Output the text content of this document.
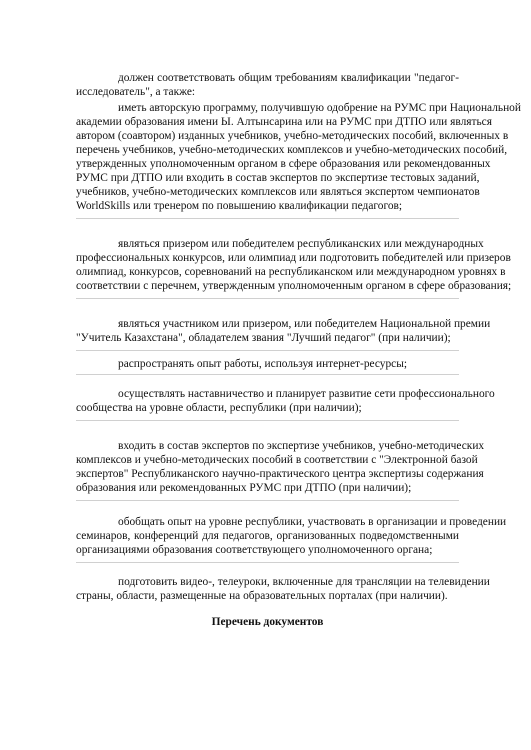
должен соответствовать общим требованиям квалификации "педагог-
исследователь", а также:
иметь авторскую программу, получившую одобрение на РУМС при Национальной
академии образования имени Ы. Алтынсарина или на РУМС при ДТПО или являться
автором (соавтором) изданных учебников, учебно-методических пособий, включенных в
перечень учебников, учебно-методических комплексов и учебно-методических пособий,
утвержденных уполномоченным органом в сфере образования или рекомендованных
РУМС при ДТПО или входить в состав экспертов по экспертизе тестовых заданий,
учебников, учебно-методических комплексов или являться экспертом чемпионатов
WorldSkills или тренером по повышению квалификации педагогов;
являться призером или победителем республиканских или международных
профессиональных конкурсов, или олимпиад или подготовить победителей или призеров
олимпиад, конкурсов, соревнований на республиканском или международном уровнях в
соответствии с перечнем, утвержденным уполномоченным органом в сфере образования;
являться участником или призером, или победителем Национальной премии
"Учитель Казахстана", обладателем звания "Лучший педагог" (при наличии);
распространять опыт работы, используя интернет-ресурсы;
осуществлять наставничество и планирует развитие сети профессионального
сообщества на уровне области, республики (при наличии);
входить в состав экспертов по экспертизе учебников, учебно-методических
комплексов и учебно-методических пособий в соответствии с "Электронной базой
экспертов" Республиканского научно-практического центра экспертизы содержания
образования или рекомендованных РУМС при ДТПО (при наличии);
обобщать опыт на уровне республики, участвовать в организации и проведении
семинаров, конференций для педагогов, организованных подведомственными
организациями образования соответствующего уполномоченного органа;
подготовить видео-, телеуроки, включенные для трансляции на телевидении
страны, области, размещенные на образовательных порталах (при наличии).
Перечень документов
